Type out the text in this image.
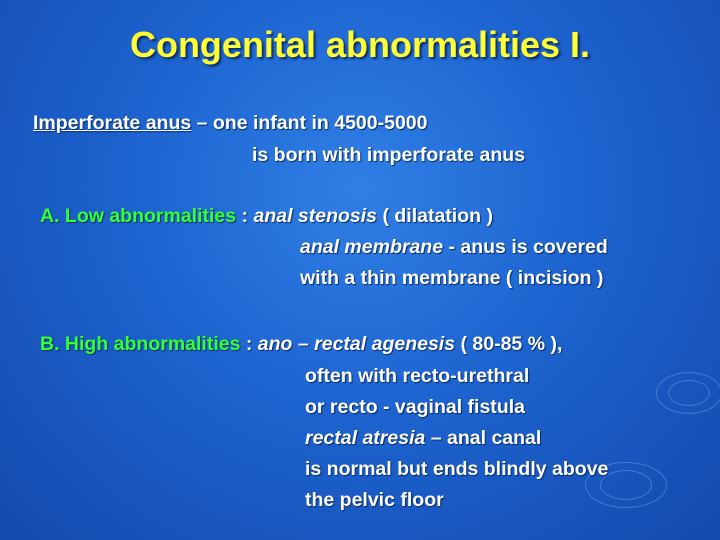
Congenital abnormalities I.
Imperforate anus – one infant in 4500-5000
is born with imperforate anus
A. Low abnormalities : anal stenosis ( dilatation )
anal membrane - anus is covered
with a thin membrane ( incision )
B. High abnormalities : ano – rectal agenesis ( 80-85 % ),
often with recto-urethral
or recto - vaginal fistula
rectal atresia – anal canal
is normal but ends blindly above
the pelvic floor
